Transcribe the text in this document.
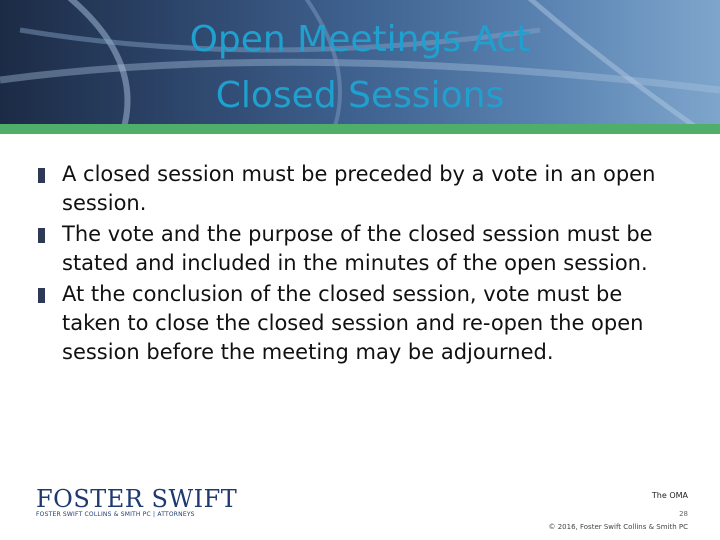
Open Meetings Act
Closed Sessions
A closed session must be preceded by a vote in an open session.
The vote and the purpose of the closed session must be stated and included in the minutes of the open session.
At the conclusion of the closed session, vote must be taken to close the closed session and re-open the open session before the meeting may be adjourned.
FOSTER SWIFT
FOSTER SWIFT COLLINS & SMITH PC | ATTORNEYS
The OMA
28
© 2016, Foster Swift Collins & Smith PC
